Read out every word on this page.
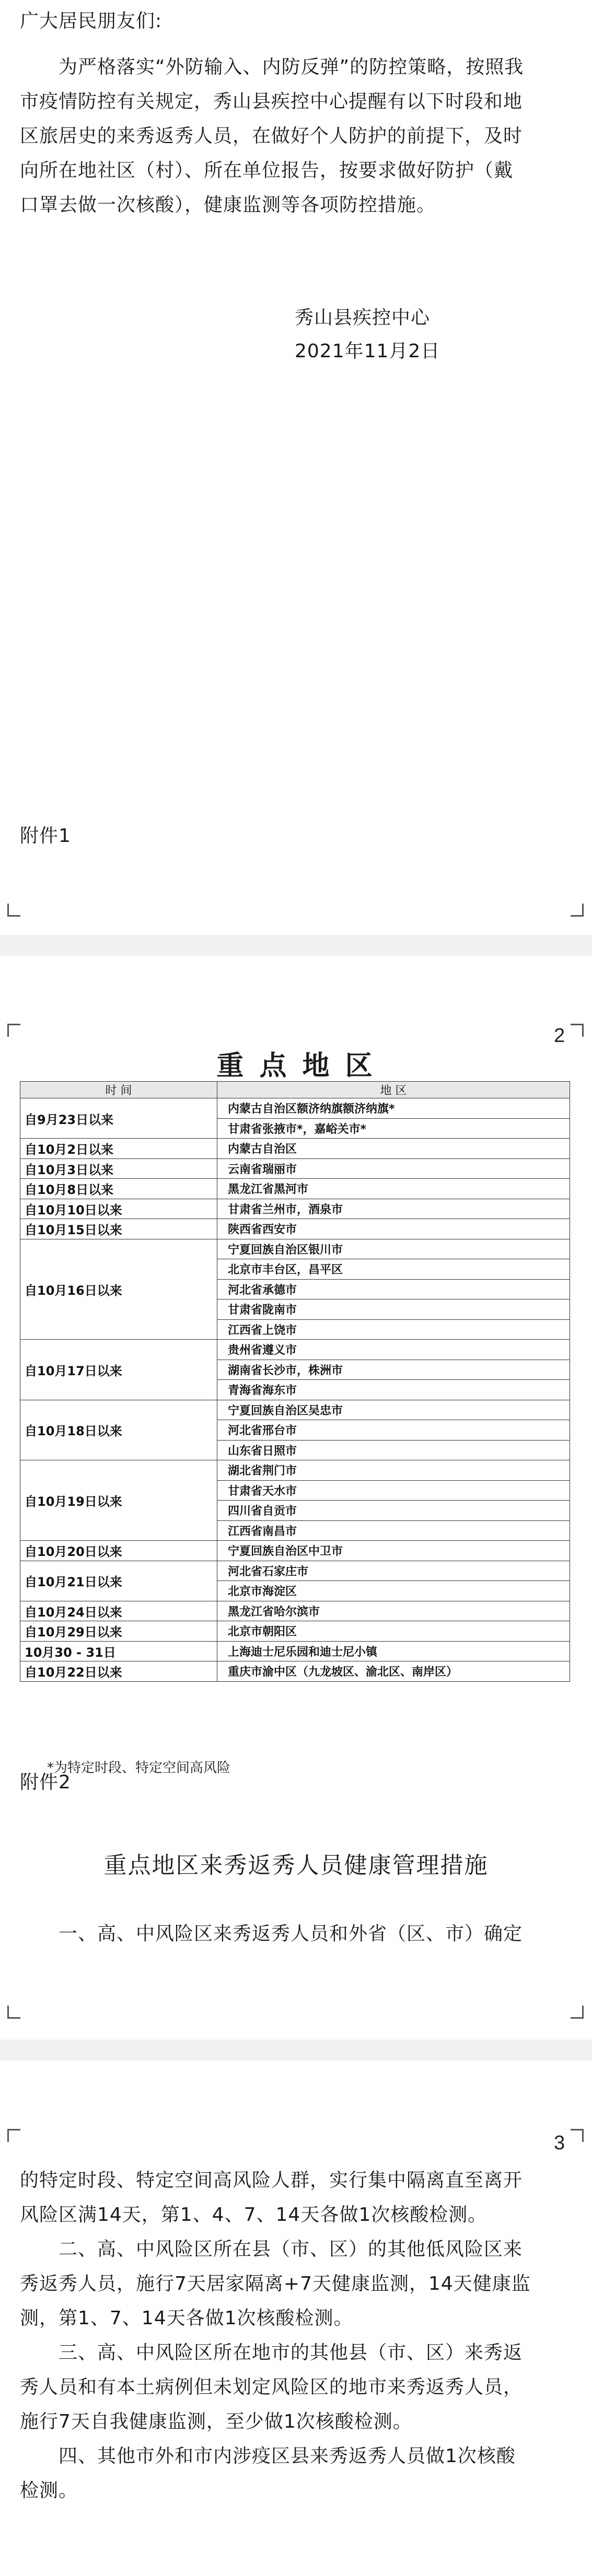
广大居民朋友们:
为严格落实“外防输入、内防反弹”的防控策略，按照我
市疫情防控有关规定，秀山县疾控中心提醒有以下时段和地
区旅居史的来秀返秀人员，在做好个人防护的前提下，及时
向所在地社区（村）、所在单位报告，按要求做好防护（戴
口罩去做一次核酸），健康监测等各项防控措施。
秀山县疾控中心
2021年11月2日
附件1
2
重 点 地 区
时 间	地 区
自9月23日以来	内蒙古自治区额济纳旗额济纳旗*
	甘肃省张掖市*，嘉峪关市*
自10月2日以来	内蒙古自治区
自10月3日以来	云南省瑞丽市
自10月8日以来	黑龙江省黑河市
自10月10日以来	甘肃省兰州市，酒泉市
自10月15日以来	陕西省西安市
自10月16日以来	宁夏回族自治区银川市
	北京市丰台区，昌平区
	河北省承德市
	甘肃省陇南市
	江西省上饶市
自10月17日以来	贵州省遵义市
	湖南省长沙市，株洲市
	青海省海东市
自10月18日以来	宁夏回族自治区吴忠市
	河北省邢台市
	山东省日照市
自10月19日以来	湖北省荆门市
	甘肃省天水市
	四川省自贡市
	江西省南昌市
自10月20日以来	宁夏回族自治区中卫市
自10月21日以来	河北省石家庄市
	北京市海淀区
自10月24日以来	黑龙江省哈尔滨市
自10月29日以来	北京市朝阳区
10月30 - 31日	上海迪士尼乐园和迪士尼小镇
自10月22日以来	重庆市渝中区（九龙坡区、渝北区、南岸区）
*为特定时段、特定空间高风险
附件2
重点地区来秀返秀人员健康管理措施
一、高、中风险区来秀返秀人员和外省（区、市）确定
3
的特定时段、特定空间高风险人群，实行集中隔离直至离开
风险区满14天，第1、4、7、14天各做1次核酸检测。
二、高、中风险区所在县（市、区）的其他低风险区来
秀返秀人员，施行7天居家隔离+7天健康监测，14天健康监
测，第1、7、14天各做1次核酸检测。
三、高、中风险区所在地市的其他县（市、区）来秀返
秀人员和有本土病例但未划定风险区的地市来秀返秀人员，
施行7天自我健康监测，至少做1次核酸检测。
四、其他市外和市内涉疫区县来秀返秀人员做1次核酸
检测。
